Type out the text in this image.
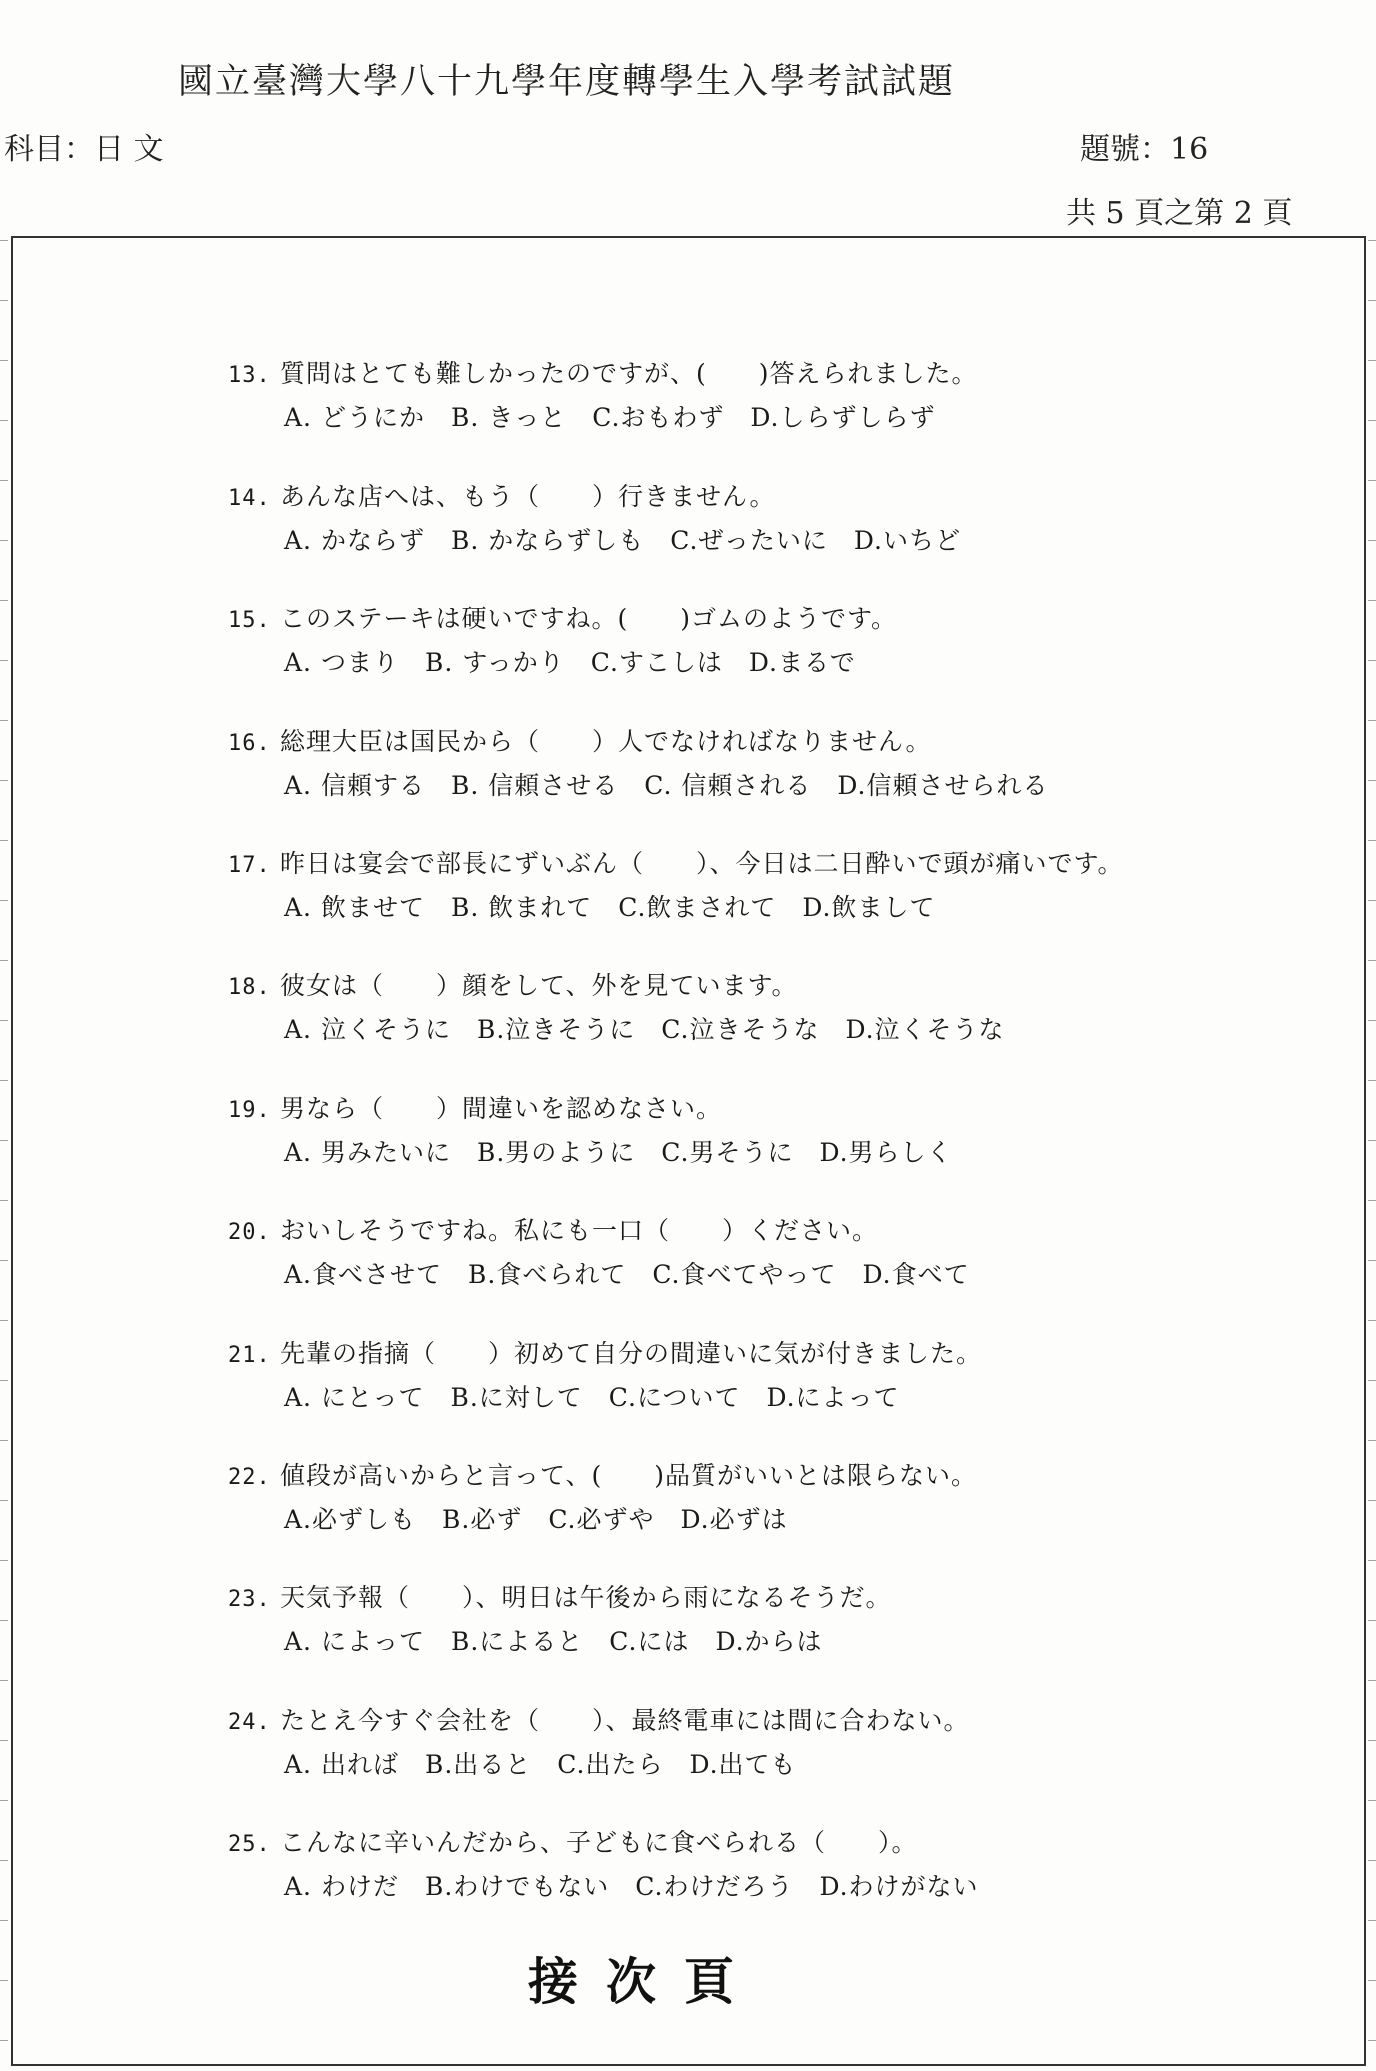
國立臺灣大學八十九學年度轉學生入學考試試題
科目：日 文	題號：16
共 5 頁之第 2 頁
13. 質問はとても難しかったのですが、(　　)答えられました。
A. どうにか　B. きっと　C.おもわず　D.しらずしらず
14. あんな店へは、もう（　　）行きません。
A. かならず　B. かならずしも　C.ぜったいに　D.いちど
15. このステーキは硬いですね。(　　)ゴムのようです。
A. つまり　B. すっかり　C.すこしは　D.まるで
16. 総理大臣は国民から（　　）人でなければなりません。
A. 信頼する　B. 信頼させる　C. 信頼される　D.信頼させられる
17. 昨日は宴会で部長にずいぶん（　　）、今日は二日酔いで頭が痛いです。
A. 飲ませて　B. 飲まれて　C.飲まされて　D.飲まして
18. 彼女は（　　）顔をして、外を見ています。
A. 泣くそうに　B.泣きそうに　C.泣きそうな　D.泣くそうな
19. 男なら（　　）間違いを認めなさい。
A. 男みたいに　B.男のように　C.男そうに　D.男らしく
20. おいしそうですね。私にも一口（　　）ください。
A.食べさせて　B.食べられて　C.食べてやって　D.食べて
21. 先輩の指摘（　　）初めて自分の間違いに気が付きました。
A. にとって　B.に対して　C.について　D.によって
22. 値段が高いからと言って、(　　)品質がいいとは限らない。
A.必ずしも　B.必ず　C.必ずや　D.必ずは
23. 天気予報（　　）、明日は午後から雨になるそうだ。
A. によって　B.によると　C.には　D.からは
24. たとえ今すぐ会社を（　　）、最終電車には間に合わない。
A. 出れば　B.出ると　C.出たら　D.出ても
25. こんなに辛いんだから、子どもに食べられる（　　）。
A. わけだ　B.わけでもない　C.わけだろう　D.わけがない
接次頁
